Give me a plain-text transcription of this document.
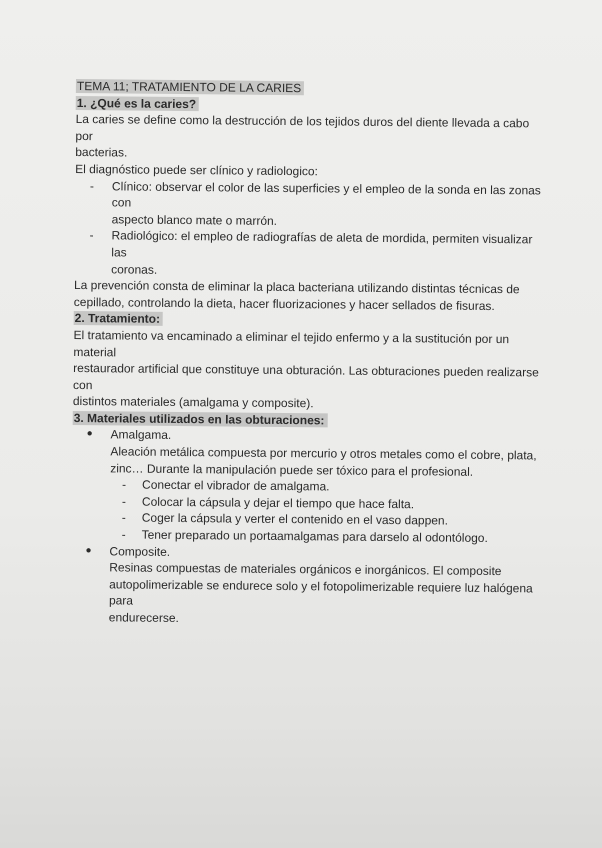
TEMA 11; TRATAMIENTO DE LA CARIES

1. ¿Qué es la caries?

La caries se define como la destrucción de los tejidos duros del diente llevada a cabo por
bacterias.

El diagnóstico puede ser clínico y radiologico:

-	Clínico: observar el color de las superficies y el empleo de la sonda en las zonas con
aspecto blanco mate o marrón.
-	Radiológico: el empleo de radiografías de aleta de mordida, permiten visualizar las
coronas.

La prevención consta de eliminar la placa bacteriana utilizando distintas técnicas de
cepillado, controlando la dieta, hacer fluorizaciones y hacer sellados de fisuras.

2. Tratamiento:

El tratamiento va encaminado a eliminar el tejido enfermo y a la sustitución por un material
restaurador artificial que constituye una obturación. Las obturaciones pueden realizarse con
distintos materiales (amalgama y composite).

3. Materiales utilizados en las obturaciones:

●	Amalgama.

Aleación metálica compuesta por mercurio y otros metales como el cobre, plata,
zinc… Durante la manipulación puede ser tóxico para el profesional.

-	Conectar el vibrador de amalgama.
-	Colocar la cápsula y dejar el tiempo que hace falta.
-	Coger la cápsula y verter el contenido en el vaso dappen.
-	Tener preparado un portaamalgamas para darselo al odontólogo.
●	Composite.

Resinas compuestas de materiales orgánicos e inorgánicos. El composite
autopolimerizable se endurece solo y el fotopolimerizable requiere luz halógena para
endurecerse.
